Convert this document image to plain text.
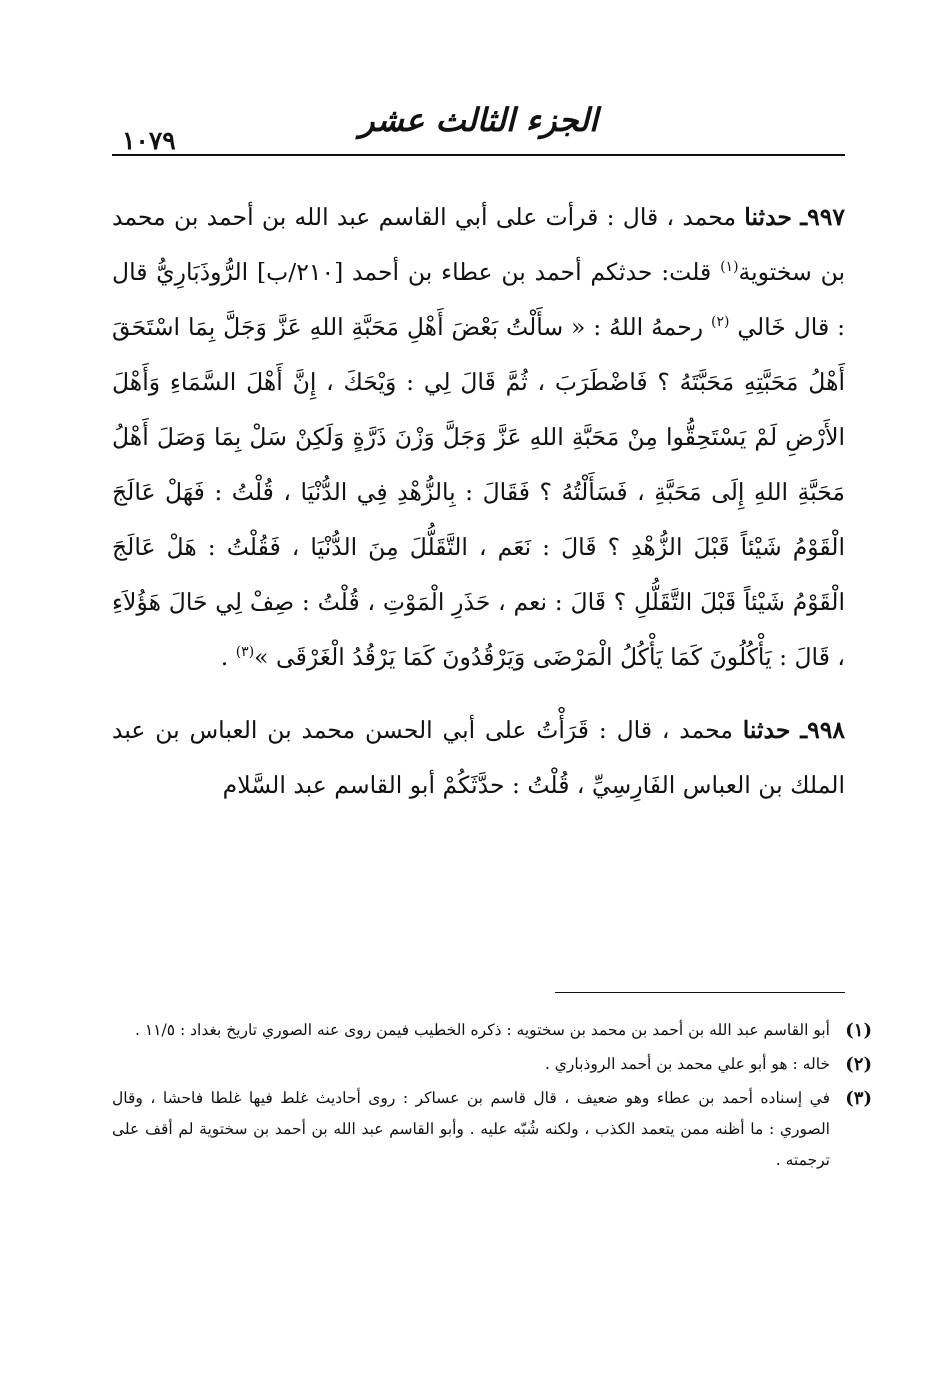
١٠٧٩
الجزء الثالث عشر

٩٩٧ـ حدثنا محمد ، قال : قرأت على أبي القاسم عبد الله بن أحمد بن محمد بن سختوية$^{(١)}$ قلت: حدثكم أحمد بن عطاء بن أحمد [٢١٠/ب] الرُّوذَبَارِيُّ قال : قال خَالي $^{(٢)}$ رحمهُ اللهُ : « سأَلْتُ بَعْضَ أَهْلِ مَحَبَّةِ اللهِ عَزَّ وَجَلَّ بِمَا اسْتَحَقَ أَهْلُ مَحَبَّتِهِ مَحَبَّتَهُ ؟ فَاضْطَرَبَ ، ثُمَّ قَالَ لِي : وَيْحَكَ ، إِنَّ أَهْلَ السَّمَاءِ وَأَهْلَ الأَرْضِ لَمْ يَسْتَحِقُّوا مِنْ مَحَبَّةِ اللهِ عَزَّ وَجَلَّ وَزْنَ ذَرَّةٍ وَلَكِنْ سَلْ بِمَا وَصَلَ أَهْلُ مَحَبَّةِ اللهِ إِلَى مَحَبَّةِ ، فَسَأَلْتُهُ ؟ فَقَالَ : بِالزُّهْدِ فِي الدُّنْيَا ، قُلْتُ : فَهَلْ عَالَجَ الْقَوْمُ شَيْئاً قَبْلَ الزُّهْدِ ؟ قَالَ : نَعَم ، التَّقَلُّلَ مِنَ الدُّنْيَا ، فَقُلْتُ : هَلْ عَالَجَ الْقَوْمُ شَيْئاً قَبْلَ التَّقَلُّلِ ؟ قَالَ : نعم ، حَذَرِ الْمَوْتِ ، قُلْتُ : صِفْ لِي حَالَ هَؤُلاَءِ ، قَالَ : يَأْكُلُونَ كَمَا يَأْكُلُ الْمَرْضَى وَيَرْقُدُونَ كَمَا يَرْقُدُ الْغَرْقَى »$^{(٣)}$ .

٩٩٨ـ حدثنا محمد ، قال : قَرَأْتُ على أبي الحسن محمد بن العباس بن عبد الملك بن العباس الفَارِسِيِّ ، قُلْتُ : حدَّثَكُمْ أبو القاسم عبد السَّلام

(١)
أبو القاسم عبد الله بن أحمد بن محمد بن سختويه : ذكره الخطيب فيمن روى عنه الصوري تاريخ بغداد : ١١/٥ .
(٢)
خاله : هو أبو علي محمد بن أحمد الروذباري .
(٣)
في إسناده أحمد بن عطاء وهو ضعيف ، قال قاسم بن عساكر : روى أحاديث غلط فيها غلطا فاحشا ، وقال الصوري : ما أظنه ممن يتعمد الكذب ، ولكنه شُبّه عليه . وأبو القاسم عبد الله بن أحمد بن سختوية لم أقف على ترجمته .
